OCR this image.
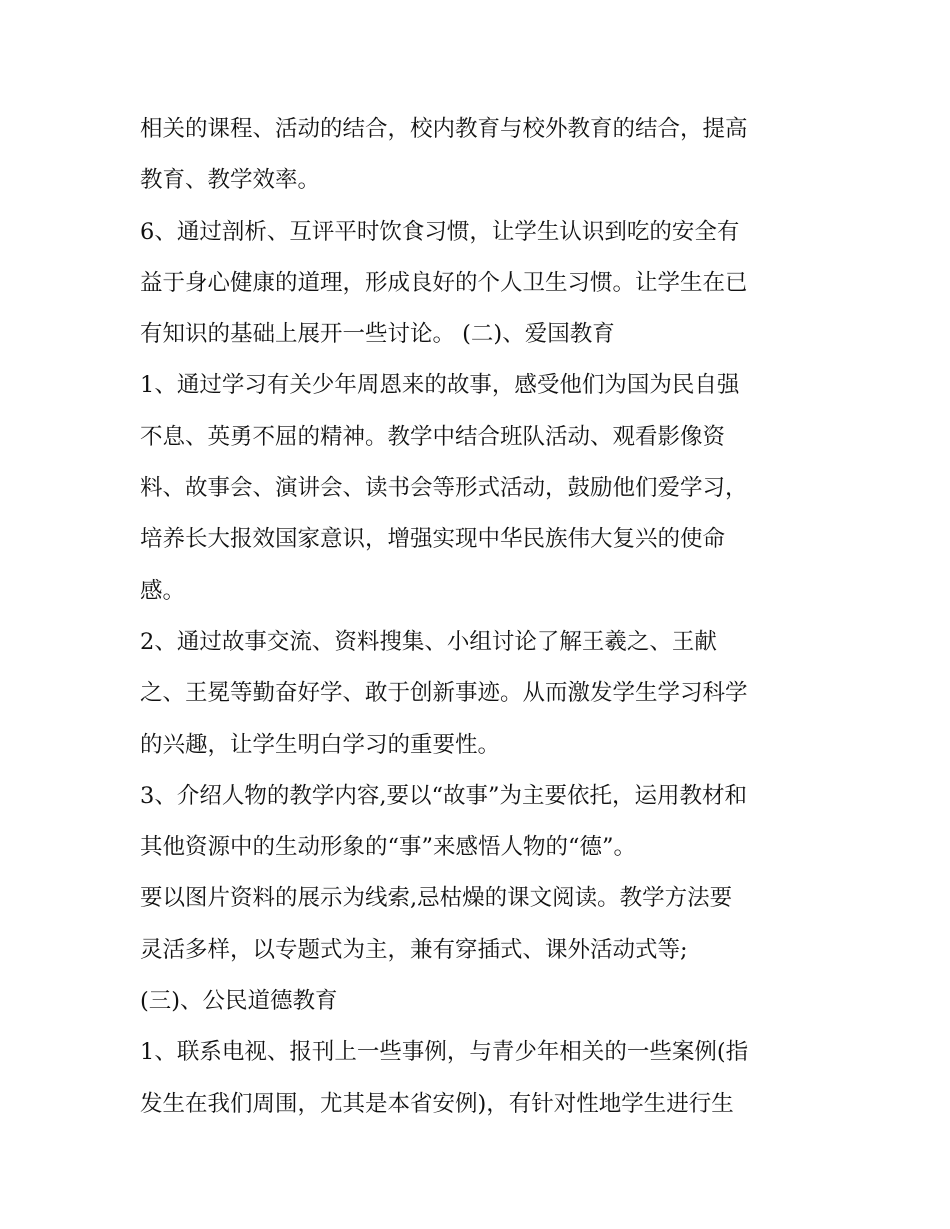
相关的课程、活动的结合，校内教育与校外教育的结合，提高
教育、教学效率。
6、通过剖析、互评平时饮食习惯，让学生认识到吃的安全有
益于身心健康的道理，形成良好的个人卫生习惯。让学生在已
有知识的基础上展开一些讨论。 (二)、爱国教育
1、通过学习有关少年周恩来的故事，感受他们为国为民自强
不息、英勇不屈的精神。教学中结合班队活动、观看影像资
料、故事会、演讲会、读书会等形式活动，鼓励他们爱学习，
培养长大报效国家意识，增强实现中华民族伟大复兴的使命
感。
2、通过故事交流、资料搜集、小组讨论了解王羲之、王献
之、王冕等勤奋好学、敢于创新事迹。从而激发学生学习科学
的兴趣，让学生明白学习的重要性。
3、介绍人物的教学内容,要以“故事”为主要依托，运用教材和
其他资源中的生动形象的“事”来感悟人物的“德”。
要以图片资料的展示为线索,忌枯燥的课文阅读。教学方法要
灵活多样，以专题式为主，兼有穿插式、课外活动式等;
(三)、公民道德教育
1、联系电视、报刊上一些事例，与青少年相关的一些案例(指
发生在我们周围，尤其是本省安例)，有针对性地学生进行生
